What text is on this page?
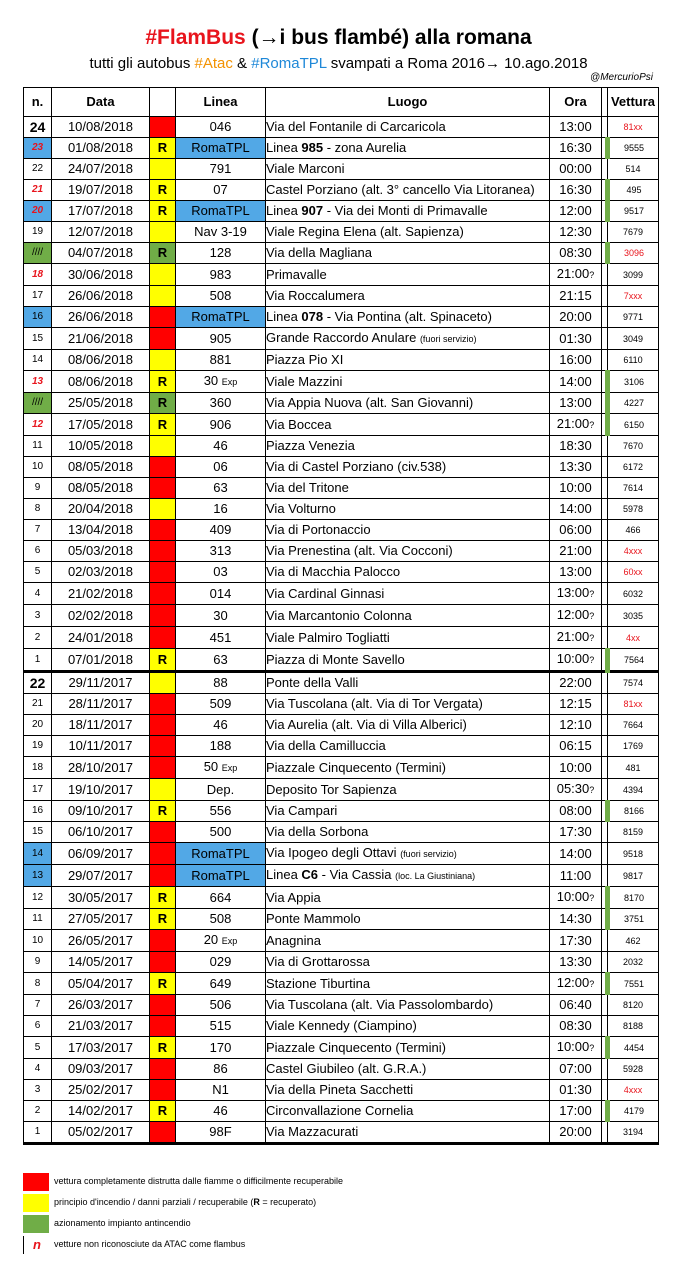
#FlamBus (→i bus flambé) alla romana
tutti gli autobus #Atac & #RomaTPL svampati a Roma 2016→ 10.ago.2018
@MercurioPsi
n.	Data		Linea	Luogo	Ora		Vettura
24	10/08/2018		046	Via del Fontanile di Carcaricola	13:00		81xx
23	01/08/2018	R	RomaTPL	Linea 985 - zona Aurelia	16:30		9555
22	24/07/2018		791	Viale Marconi	00:00		514
21	19/07/2018	R	07	Castel Porziano (alt. 3° cancello Via Litoranea)	16:30		495
20	17/07/2018	R	RomaTPL	Linea 907 - Via dei Monti di Primavalle	12:00		9517
19	12/07/2018		Nav 3-19	Viale Regina Elena (alt. Sapienza)	12:30		7679
////	04/07/2018	R	128	Via della Magliana	08:30		3096
18	30/06/2018		983	Primavalle	21:00?		3099
17	26/06/2018		508	Via Roccalumera	21:15		7xxx
16	26/06/2018		RomaTPL	Linea 078 - Via Pontina (alt. Spinaceto)	20:00		9771
15	21/06/2018		905	Grande Raccordo Anulare (fuori servizio)	01:30		3049
14	08/06/2018		881	Piazza Pio XI	16:00		6110
13	08/06/2018	R	30 Exp	Viale Mazzini	14:00		3106
////	25/05/2018	R	360	Via Appia Nuova (alt. San Giovanni)	13:00		4227
12	17/05/2018	R	906	Via Boccea	21:00?		6150
11	10/05/2018		46	Piazza Venezia	18:30		7670
10	08/05/2018		06	Via di Castel Porziano (civ.538)	13:30		6172
9	08/05/2018		63	Via del Tritone	10:00		7614
8	20/04/2018		16	Via Volturno	14:00		5978
7	13/04/2018		409	Via di Portonaccio	06:00		466
6	05/03/2018		313	Via Prenestina (alt. Via Cocconi)	21:00		4xxx
5	02/03/2018		03	Via di Macchia Palocco	13:00		60xx
4	21/02/2018		014	Via Cardinal Ginnasi	13:00?		6032
3	02/02/2018		30	Via Marcantonio Colonna	12:00?		3035
2	24/01/2018		451	Viale Palmiro Togliatti	21:00?		4xx
1	07/01/2018	R	63	Piazza di Monte Savello	10:00?		7564
22	29/11/2017		88	Ponte della Valli	22:00		7574
21	28/11/2017		509	Via Tuscolana (alt. Via di Tor Vergata)	12:15		81xx
20	18/11/2017		46	Via Aurelia (alt. Via di Villa Alberici)	12:10		7664
19	10/11/2017		188	Via della Camilluccia	06:15		1769
18	28/10/2017		50 Exp	Piazzale Cinquecento (Termini)	10:00		481
17	19/10/2017		Dep.	Deposito Tor Sapienza	05:30?		4394
16	09/10/2017	R	556	Via Campari	08:00		8166
15	06/10/2017		500	Via della Sorbona	17:30		8159
14	06/09/2017		RomaTPL	Via Ipogeo degli Ottavi (fuori servizio)	14:00		9518
13	29/07/2017		RomaTPL	Linea C6 - Via Cassia (loc. La Giustiniana)	11:00		9817
12	30/05/2017	R	664	Via Appia	10:00?		8170
11	27/05/2017	R	508	Ponte Mammolo	14:30		3751
10	26/05/2017		20 Exp	Anagnina	17:30		462
9	14/05/2017		029	Via di Grottarossa	13:30		2032
8	05/04/2017	R	649	Stazione Tiburtina	12:00?		7551
7	26/03/2017		506	Via Tuscolana (alt. Via Passolombardo)	06:40		8120
6	21/03/2017		515	Viale Kennedy (Ciampino)	08:30		8188
5	17/03/2017	R	170	Piazzale Cinquecento (Termini)	10:00?		4454
4	09/03/2017		86	Castel Giubileo (alt. G.R.A.)	07:00		5928
3	25/02/2017		N1	Via della Pineta Sacchetti	01:30		4xxx
2	14/02/2017	R	46	Circonvallazione Cornelia	17:00		4179
1	05/02/2017		98F	Via Mazzacurati	20:00		3194
vettura completamente distrutta dalle fiamme o difficilmente recuperabile
principio d'incendio / danni parziali / recuperabile (R = recuperato)
azionamento impianto antincendio
n	vetture non riconosciute da ATAC come flambus
